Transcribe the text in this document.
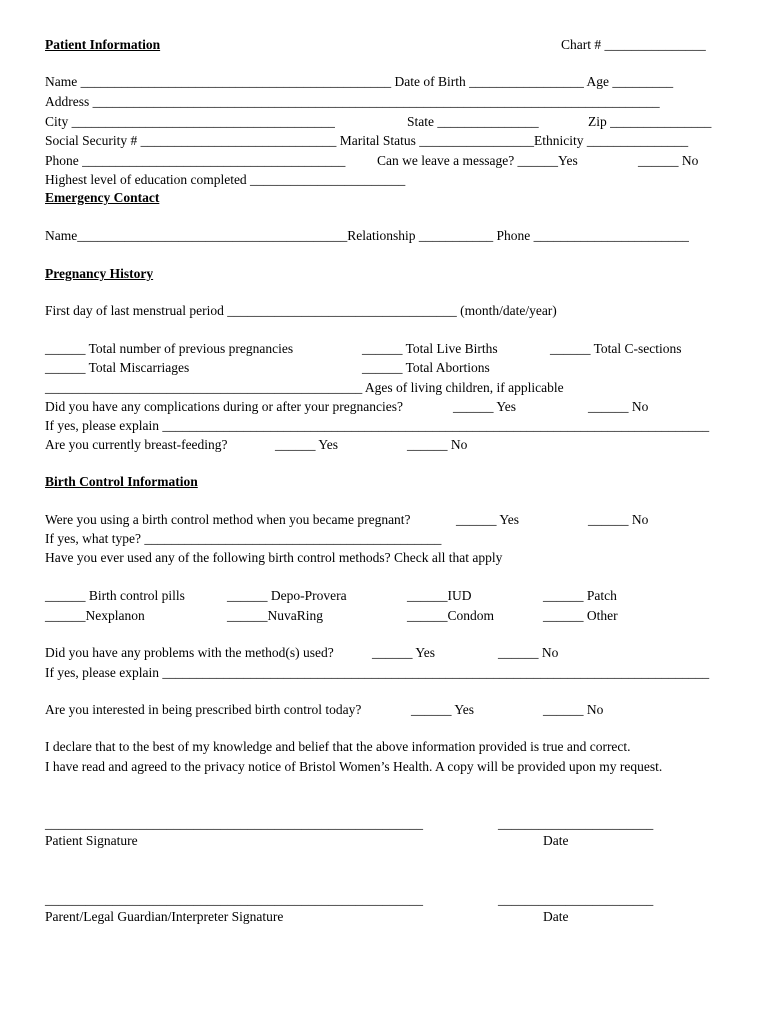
Patient Information	Chart # _______________
Name ______________________________________________ Date of Birth _________________ Age _________
Address ____________________________________________________________________________________
City _______________________________________	State _______________	Zip _______________
Social Security # _____________________________ Marital Status _________________Ethnicity _______________
Phone _______________________________________ Can we leave a message? ______Yes	______ No
Highest level of education completed _______________________
Emergency Contact
Name________________________________________Relationship ___________ Phone _______________________
Pregnancy History
First day of last menstrual period __________________________________ (month/date/year)
______ Total number of previous pregnancies	______ Total Live Births	______ Total C-sections
______ Total Miscarriages	______ Total Abortions
_______________________________________________ Ages of living children, if applicable
Did you have any complications during or after your pregnancies?	______ Yes	______ No
If yes, please explain _________________________________________________________________________________
Are you currently breast-feeding?	______ Yes	______ No
Birth Control Information
Were you using a birth control method when you became pregnant?	______ Yes	______ No
If yes, what type? ____________________________________________
Have you ever used any of the following birth control methods? Check all that apply
______ Birth control pills	______ Depo-Provera	______IUD	______ Patch
______Nexplanon	______NuvaRing	______Condom	______ Other
Did you have any problems with the method(s) used?	______ Yes	______ No
If yes, please explain _________________________________________________________________________________
Are you interested in being prescribed birth control today?	______ Yes	______ No
I declare that to the best of my knowledge and belief that the above information provided is true and correct.
I have read and agreed to the privacy notice of Bristol Women’s Health. A copy will be provided upon my request.
________________________________________________________	_______________________
Patient Signature	Date
________________________________________________________	_______________________
Parent/Legal Guardian/Interpreter Signature	Date
